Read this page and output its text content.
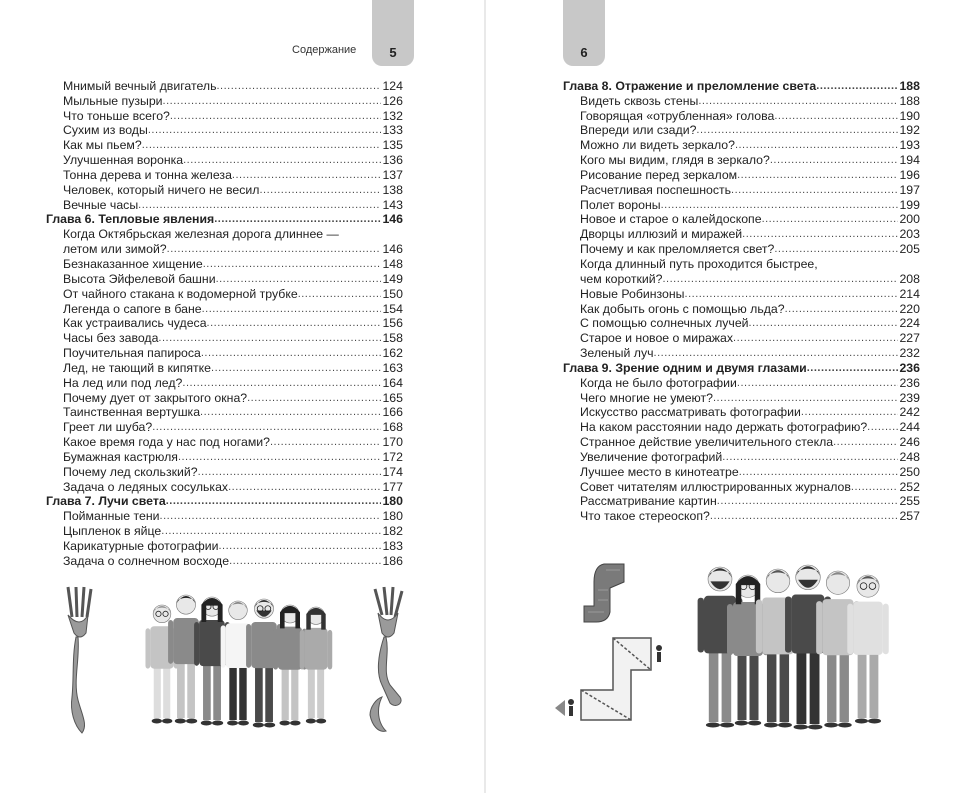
Содержание	5
Мнимый вечный двигатель .....	124
Мыльные пузыри .....	126
Что тоньше всего? .....	132
Сухим из воды .....	133
Как мы пьем? .....	135
Улучшенная воронка .....	136
Тонна дерева и тонна железа .....	137
Человек, который ничего не весил .....	138
Вечные часы .....	143
Глава 6. Тепловые явления .....	146
Когда Октябрьская железная дорога длиннее —
летом или зимой? .....	146
Безнаказанное хищение .....	148
Высота Эйфелевой башни .....	149
От чайного стакана к водомерной трубке .....	150
Легенда о сапоге в бане .....	154
Как устраивались чудеса .....	156
Часы без завода .....	158
Поучительная папироса .....	162
Лед, не тающий в кипятке .....	163
На лед или под лед? .....	164
Почему дует от закрытого окна? .....	165
Таинственная вертушка .....	166
Греет ли шуба? .....	168
Какое время года у нас под ногами? .....	170
Бумажная кастрюля .....	172
Почему лед скользкий? .....	174
Задача о ледяных сосульках .....	177
Глава 7. Лучи света .....	180
Пойманные тени .....	180
Цыпленок в яйце .....	182
Карикатурные фотографии .....	183
Задача о солнечном восходе .....	186
6
Глава 8. Отражение и преломление света .....	188
Видеть сквозь стены .....	188
Говорящая «отрубленная» голова .....	190
Впереди или сзади? .....	192
Можно ли видеть зеркало? .....	193
Кого мы видим, глядя в зеркало? .....	194
Рисование перед зеркалом .....	196
Расчетливая поспешность .....	197
Полет вороны .....	199
Новое и старое о калейдоскопе .....	200
Дворцы иллюзий и миражей .....	203
Почему и как преломляется свет? .....	205
Когда длинный путь проходится быстрее,
чем короткий? .....	208
Новые Робинзоны .....	214
Как добыть огонь с помощью льда? .....	220
С помощью солнечных лучей .....	224
Старое и новое о миражах .....	227
Зеленый луч .....	232
Глава 9. Зрение одним и двумя глазами .....	236
Когда не было фотографии .....	236
Чего многие не умеют? .....	239
Искусство рассматривать фотографии .....	242
На каком расстоянии надо держать фотографию? .....	244
Странное действие увеличительного стекла .....	246
Увеличение фотографий .....	248
Лучшее место в кинотеатре .....	250
Совет читателям иллюстрированных журналов .....	252
Рассматривание картин .....	255
Что такое стереоскоп? .....	257
